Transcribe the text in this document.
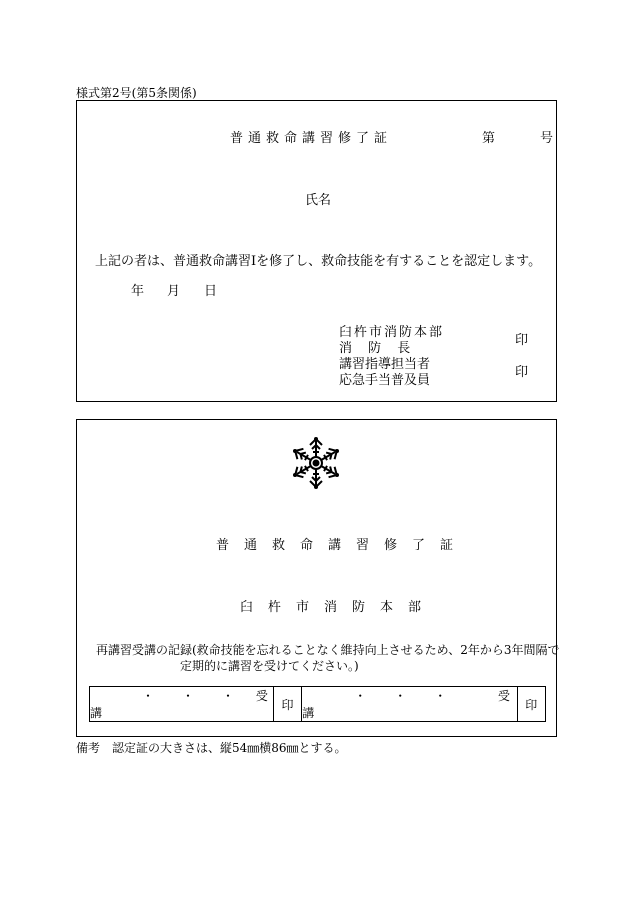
様式第2号(第5条関係)
普通救命講習修了証	第	号
氏名
上記の者は、普通救命講習Ⅰを修了し、救命技能を有することを認定します。
年 月 日
臼杵市消防本部
消 防 長
印
講習指導担当者
応急手当普及員
印
普通救命講習修了証
臼杵市消防本部
再講習受講の記録(救命技能を忘れることなく維持向上させるため、2年から3年間隔で
定期的に講習を受けてください。)
・ ・ ・ 受講	印	・ ・ ・	受講	印
備考　認定証の大きさは、縦54㎜横86㎜とする。
